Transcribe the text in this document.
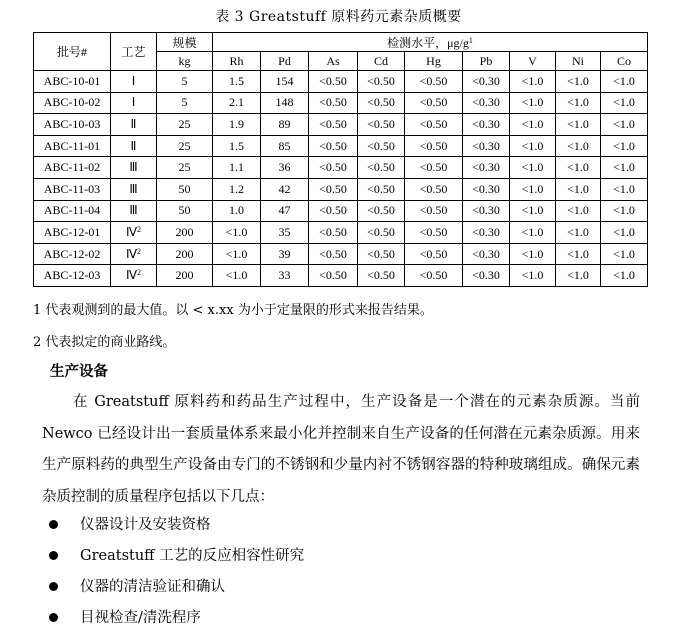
表 3 Greatstuff 原料药元素杂质概要
批号#	工艺	规模	检测水平，$\mu g/g^1$
		kg	Rh	Pd	As	Cd	Hg	Pb	V	Ni	Co
ABC-10-01	Ⅰ	5	1.5	154	<0.50	<0.50	<0.50	<0.30	<1.0	<1.0	<1.0
ABC-10-02	Ⅰ	5	2.1	148	<0.50	<0.50	<0.50	<0.30	<1.0	<1.0	<1.0
ABC-10-03	Ⅱ	25	1.9	89	<0.50	<0.50	<0.50	<0.30	<1.0	<1.0	<1.0
ABC-11-01	Ⅱ	25	1.5	85	<0.50	<0.50	<0.50	<0.30	<1.0	<1.0	<1.0
ABC-11-02	Ⅲ	25	1.1	36	<0.50	<0.50	<0.50	<0.30	<1.0	<1.0	<1.0
ABC-11-03	Ⅲ	50	1.2	42	<0.50	<0.50	<0.50	<0.30	<1.0	<1.0	<1.0
ABC-11-04	Ⅲ	50	1.0	47	<0.50	<0.50	<0.50	<0.30	<1.0	<1.0	<1.0
ABC-12-01	Ⅳ$^2$	200	<1.0	35	<0.50	<0.50	<0.50	<0.30	<1.0	<1.0	<1.0
ABC-12-02	Ⅳ$^2$	200	<1.0	39	<0.50	<0.50	<0.50	<0.30	<1.0	<1.0	<1.0
ABC-12-03	Ⅳ$^2$	200	<1.0	33	<0.50	<0.50	<0.50	<0.30	<1.0	<1.0	<1.0
1 代表观测到的最大值。以 < x.xx 为小于定量限的形式来报告结果。
2 代表拟定的商业路线。
生产设备
在 Greatstuff 原料药和药品生产过程中，生产设备是一个潜在的元素杂质源。当前 Newco 已经设计出一套质量体系来最小化并控制来自生产设备的任何潜在元素杂质源。用来生产原料药的典型生产设备由专门的不锈钢和少量内衬不锈钢容器的特种玻璃组成。确保元素杂质控制的质量程序包括以下几点：
仪器设计及安装资格
Greatstuff 工艺的反应相容性研究
仪器的清洁验证和确认
目视检查/清洗程序
